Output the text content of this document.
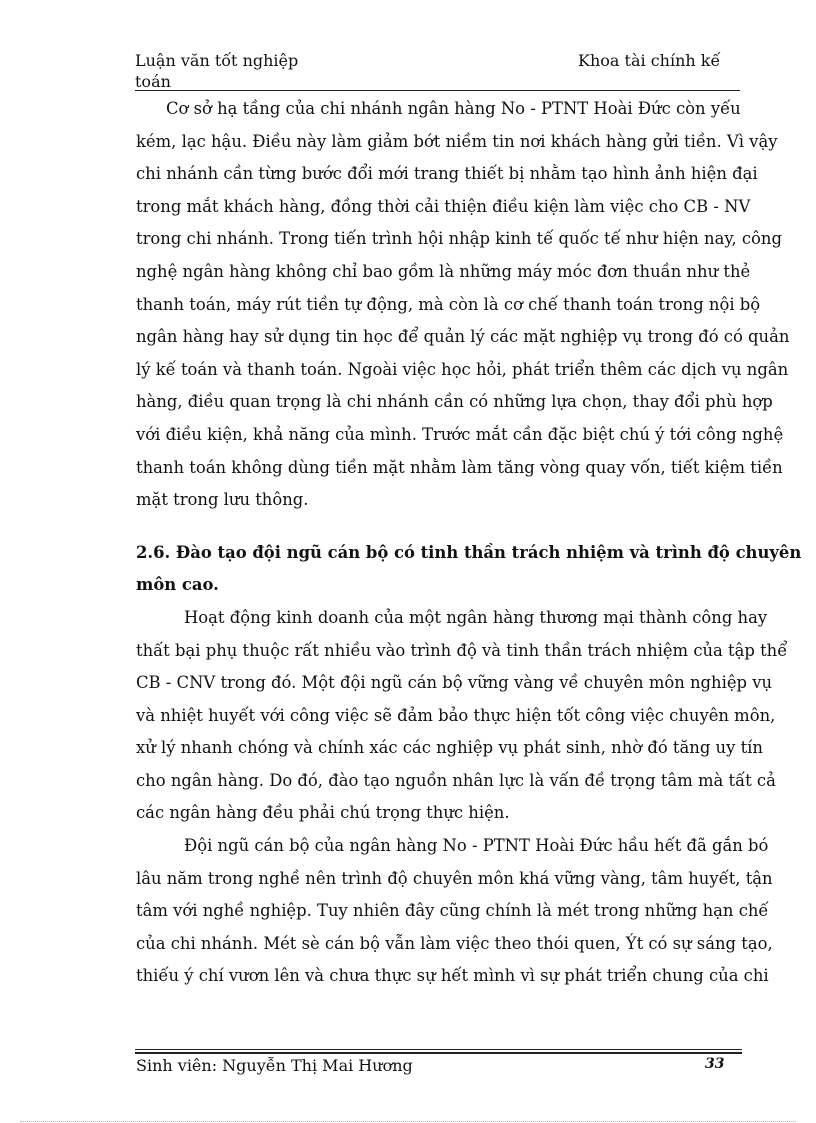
Luận văn tốt nghiệp
toán
Khoa tài chính kế
Cơ sở hạ tầng của chi nhánh ngân hàng No - PTNT Hoài Đức còn yếu
kém, lạc hậu. Điều này làm giảm bớt niềm tin nơi khách hàng gửi tiền. Vì vậy
chi nhánh cần từng bước đổi mới trang thiết bị nhằm tạo hình ảnh hiện đại
trong mắt khách hàng, đồng thời cải thiện điều kiện làm việc cho CB - NV
trong chi nhánh. Trong tiến trình hội nhập kinh tế quốc tế như hiện nay, công
nghệ ngân hàng không chỉ bao gồm là những máy móc đơn thuần như thẻ
thanh toán, máy rút tiền tự động, mà còn là cơ chế thanh toán trong nội bộ
ngân hàng hay sử dụng tin học để quản lý các mặt nghiệp vụ trong đó có quản
lý kế toán và thanh toán. Ngoài việc học hỏi, phát triển thêm các dịch vụ ngân
hàng, điều quan trọng là chi nhánh cần có những lựa chọn, thay đổi phù hợp
với điều kiện, khả năng của mình. Trước mắt cần đặc biệt chú ý tới công nghệ
thanh toán không dùng tiền mặt nhằm làm tăng vòng quay vốn, tiết kiệm tiền
mặt trong lưu thông.
2.6. Đào tạo đội ngũ cán bộ có tinh thần trách nhiệm và trình độ chuyên
môn cao.
Hoạt động kinh doanh của một ngân hàng thương mại thành công hay
thất bại phụ thuộc rất nhiều vào trình độ và tinh thần trách nhiệm của tập thể
CB - CNV trong đó. Một đội ngũ cán bộ vững vàng về chuyên môn nghiệp vụ
và nhiệt huyết với công việc sẽ đảm bảo thực hiện tốt công việc chuyên môn,
xử lý nhanh chóng và chính xác các nghiệp vụ phát sinh, nhờ đó tăng uy tín
cho ngân hàng. Do đó, đào tạo nguồn nhân lực là vấn đề trọng tâm mà tất cả
các ngân hàng đều phải chú trọng thực hiện.
Đội ngũ cán bộ của ngân hàng No - PTNT Hoài Đức hầu hết đã gắn bó
lâu năm trong nghề nên trình độ chuyên môn khá vững vàng, tâm huyết, tận
tâm với nghề nghiệp. Tuy nhiên đây cũng chính là mét trong những hạn chế
của chi nhánh. Mét sè cán bộ vẫn làm việc theo thói quen, Ýt có sự sáng tạo,
thiếu ý chí vươn lên và chưa thực sự hết mình vì sự phát triển chung của chi
Sinh viên: Nguyễn Thị Mai Hương	33
